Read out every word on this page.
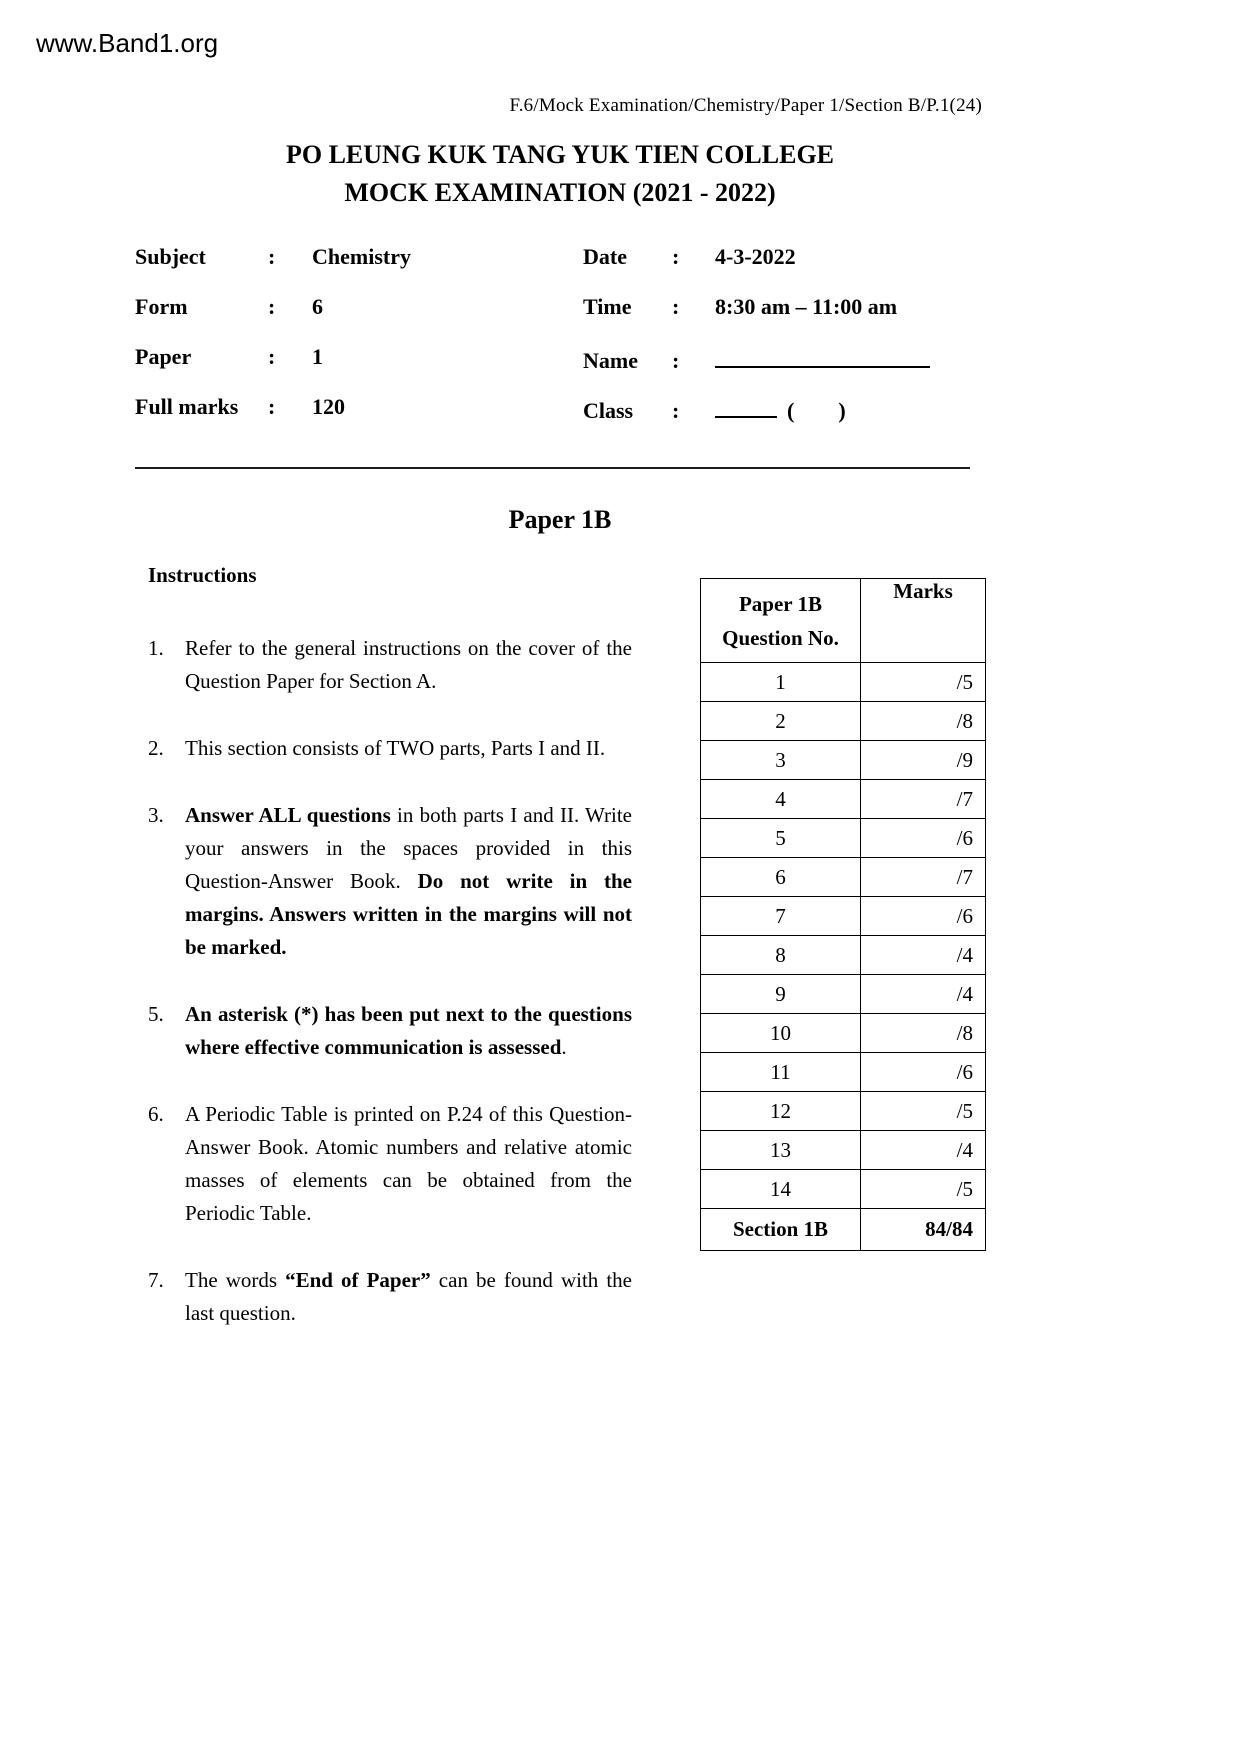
www.Band1.org
F.6/Mock Examination/Chemistry/Paper 1/Section B/P.1(24)
PO LEUNG KUK TANG YUK TIEN COLLEGE
MOCK EXAMINATION (2021 - 2022)
Subject	:	Chemistry
Form	:	6
Paper	:	1
Full marks	:	120
Date	:	4-3-2022
Time	:	8:30 am – 11:00 am
Name	:
Class	:	(        )
Paper 1B
Instructions
1.	Refer to the general instructions on the cover of the Question Paper for Section A.
2.	This section consists of TWO parts, Parts I and II.
3.	Answer ALL questions in both parts I and II. Write your answers in the spaces provided in this Question-Answer Book. Do not write in the margins. Answers written in the margins will not be marked.
5.	An asterisk (*) has been put next to the questions where effective communication is assessed.
6.	A Periodic Table is printed on P.24 of this Question-Answer Book. Atomic numbers and relative atomic masses of elements can be obtained from the Periodic Table.
7.	The words “End of Paper” can be found with the last question.
Paper 1B
Question No.	Marks
1	/5
2	/8
3	/9
4	/7
5	/6
6	/7
7	/6
8	/4
9	/4
10	/8
11	/6
12	/5
13	/4
14	/5
Section 1B	84/84
